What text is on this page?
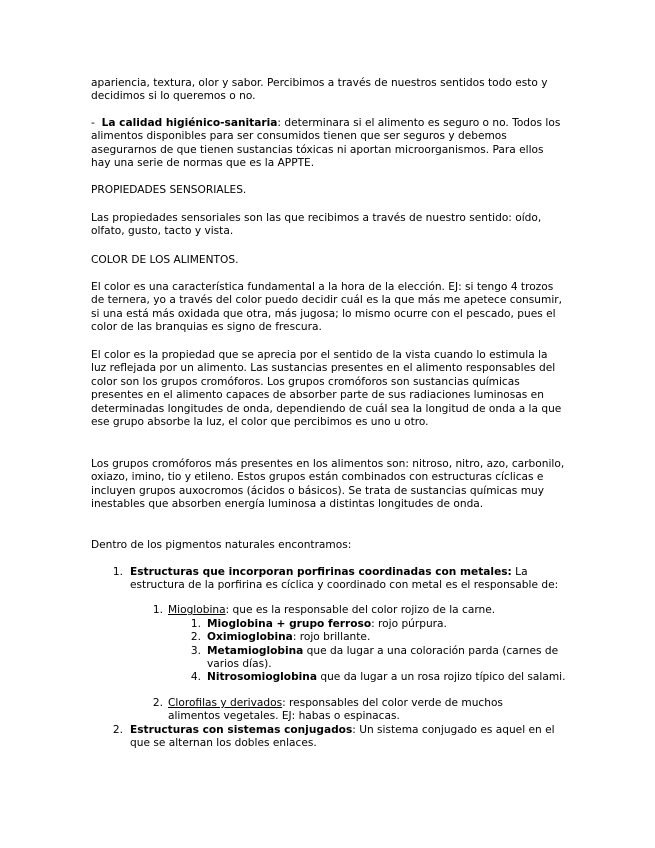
apariencia, textura, olor y sabor. Percibimos a través de nuestros sentidos todo esto y decidimos si lo queremos o no.

- La calidad higiénico-sanitaria: determinara si el alimento es seguro o no. Todos los alimentos disponibles para ser consumidos tienen que ser seguros y debemos asegurarnos de que tienen sustancias tóxicas ni aportan microorganismos. Para ellos hay una serie de normas que es la APPTE.

PROPIEDADES SENSORIALES.

Las propiedades sensoriales son las que recibimos a través de nuestro sentido: oído, olfato, gusto, tacto y vista.

COLOR DE LOS ALIMENTOS.

El color es una característica fundamental a la hora de la elección. EJ: si tengo 4 trozos de ternera, yo a través del color puedo decidir cuál es la que más me apetece consumir, si una está más oxidada que otra, más jugosa; lo mismo ocurre con el pescado, pues el color de las branquias es signo de frescura.

El color es la propiedad que se aprecia por el sentido de la vista cuando lo estimula la luz reflejada por un alimento. Las sustancias presentes en el alimento responsables del color son los grupos cromóforos. Los grupos cromóforos son sustancias químicas presentes en el alimento capaces de absorber parte de sus radiaciones luminosas en determinadas longitudes de onda, dependiendo de cuál sea la longitud de onda a la que ese grupo absorbe la luz, el color que percibimos es uno u otro.

Los grupos cromóforos más presentes en los alimentos son: nitroso, nitro, azo, carbonilo, oxiazo, imino, tio y etileno. Estos grupos están combinados con estructuras cíclicas e incluyen grupos auxocromos (ácidos o básicos). Se trata de sustancias químicas muy inestables que absorben energía luminosa a distintas longitudes de onda.

Dentro de los pigmentos naturales encontramos:

1. Estructuras que incorporan porfirinas coordinadas con metales: La estructura de la porfirina es cíclica y coordinado con metal es el responsable de:

1. Mioglobina: que es la responsable del color rojizo de la carne.

1. Mioglobina + grupo ferroso: rojo púrpura.

2. Oximioglobina: rojo brillante.

3. Metamioglobina que da lugar a una coloración parda (carnes de varios días).

4. Nitrosomioglobina que da lugar a un rosa rojizo típico del salami.

2. Clorofilas y derivados: responsables del color verde de muchos alimentos vegetales. EJ: habas o espinacas.

2. Estructuras con sistemas conjugados: Un sistema conjugado es aquel en el que se alternan los dobles enlaces.
